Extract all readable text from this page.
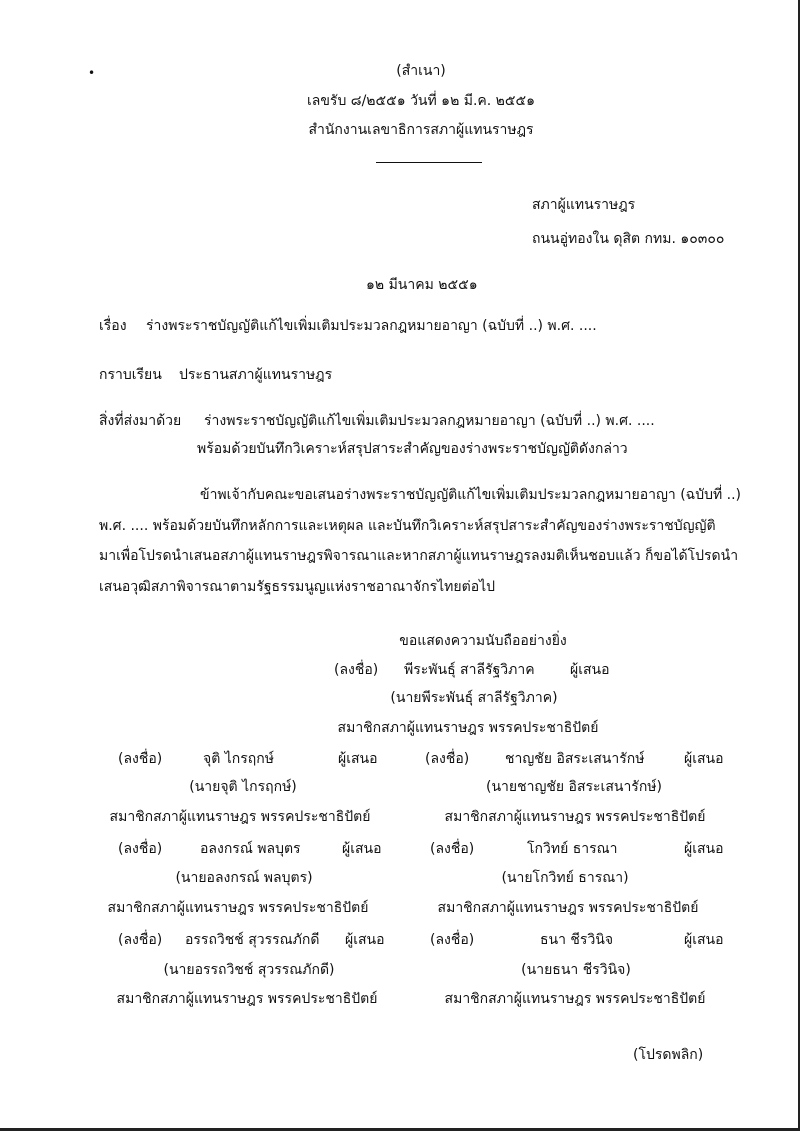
•	(สำเนา)
เลขรับ ๘/๒๕๕๑ วันที่ ๑๒ มี.ค. ๒๕๕๑
สำนักงานเลขาธิการสภาผู้แทนราษฎร
สภาผู้แทนราษฎร
ถนนอู่ทองใน ดุสิต กทม. ๑๐๓๐๐
๑๒ มีนาคม ๒๕๕๑
เรื่อง ร่างพระราชบัญญัติแก้ไขเพิ่มเติมประมวลกฎหมายอาญา (ฉบับที่ ..) พ.ศ. ....
กราบเรียน ประธานสภาผู้แทนราษฎร
สิ่งที่ส่งมาด้วย ร่างพระราชบัญญัติแก้ไขเพิ่มเติมประมวลกฎหมายอาญา (ฉบับที่ ..) พ.ศ. ....
พร้อมด้วยบันทึกวิเคราะห์สรุปสาระสำคัญของร่างพระราชบัญญัติดังกล่าว
ข้าพเจ้ากับคณะขอเสนอร่างพระราชบัญญัติแก้ไขเพิ่มเติมประมวลกฎหมายอาญา (ฉบับที่ ..)
พ.ศ. .... พร้อมด้วยบันทึกหลักการและเหตุผล และบันทึกวิเคราะห์สรุปสาระสำคัญของร่างพระราชบัญญัติ
มาเพื่อโปรดนำเสนอสภาผู้แทนราษฎรพิจารณาและหากสภาผู้แทนราษฎรลงมติเห็นชอบแล้ว ก็ขอได้โปรดนำ
เสนอวุฒิสภาพิจารณาตามรัฐธรรมนูญแห่งราชอาณาจักรไทยต่อไป
ขอแสดงความนับถืออย่างยิ่ง
(ลงชื่อ) พีระพันธุ์ สาลีรัฐวิภาค	ผู้เสนอ
(นายพีระพันธุ์ สาลีรัฐวิภาค)
สมาชิกสภาผู้แทนราษฎร พรรคประชาธิปัตย์
(ลงชื่อ)	จุติ ไกรฤกษ์	ผู้เสนอ
(นายจุติ ไกรฤกษ์)
สมาชิกสภาผู้แทนราษฎร พรรคประชาธิปัตย์
(ลงชื่อ)	ชาญชัย อิสระเสนารักษ์	ผู้เสนอ
(นายชาญชัย อิสระเสนารักษ์)
สมาชิกสภาผู้แทนราษฎร พรรคประชาธิปัตย์
(ลงชื่อ)	อลงกรณ์ พลบุตร	ผู้เสนอ
(นายอลงกรณ์ พลบุตร)
สมาชิกสภาผู้แทนราษฎร พรรคประชาธิปัตย์
(ลงชื่อ)	โกวิทย์ ธารณา	ผู้เสนอ
(นายโกวิทย์ ธารณา)
สมาชิกสภาผู้แทนราษฎร พรรคประชาธิปัตย์
(ลงชื่อ) อรรถวิชช์ สุวรรณภักดี ผู้เสนอ
(นายอรรถวิชช์ สุวรรณภักดี)
สมาชิกสภาผู้แทนราษฎร พรรคประชาธิปัตย์
(ลงชื่อ)	ธนา ชีรวินิจ	ผู้เสนอ
(นายธนา ชีรวินิจ)
สมาชิกสภาผู้แทนราษฎร พรรคประชาธิปัตย์
(โปรดพลิก)
